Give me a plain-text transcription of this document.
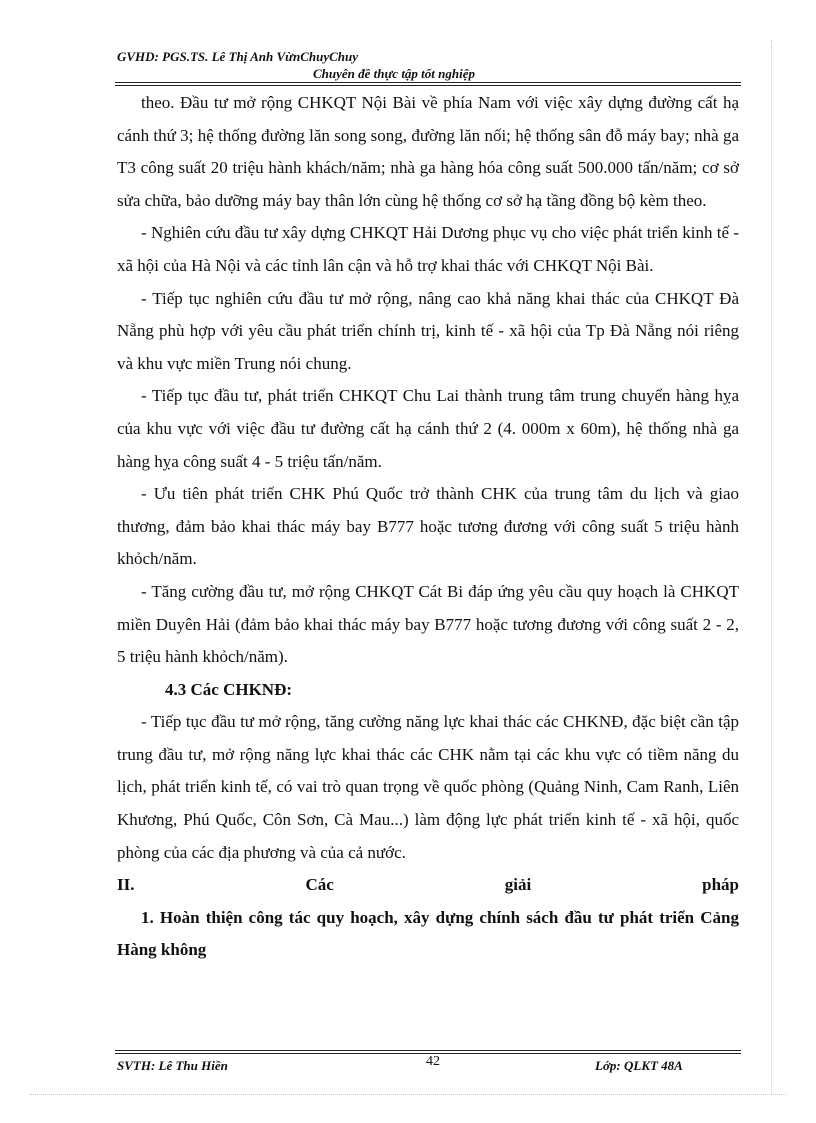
GVHD: PGS.TS. Lê Thị Anh VừnChuyChuy
Chuyên đề thực tập tốt nghiệp

theo. Đầu tư mở rộng CHKQT Nội Bài về phía Nam với việc xây dựng đường cất hạ cánh thứ 3; hệ thống đường lăn song song, đường lăn nối; hệ thống sân đỗ máy bay; nhà ga T3 công suất 20 triệu hành khách/năm; nhà ga hàng hóa công suất 500.000 tấn/năm; cơ sở sửa chữa, bảo dưỡng máy bay thân lớn cùng hệ thống cơ sở hạ tầng đồng bộ kèm theo.

- Nghiên cứu đầu tư xây dựng CHKQT Hải Dương phục vụ cho việc phát triển kinh tế - xã hội của Hà Nội và các tỉnh lân cận và hỗ trợ khai thác với CHKQT Nội Bài.

- Tiếp tục nghiên cứu đầu tư mở rộng, nâng cao khả năng khai thác của CHKQT Đà Nẵng phù hợp với yêu cầu phát triển chính trị, kinh tế - xã hội của Tp Đà Nẵng nói riêng và khu vực miền Trung nói chung.

- Tiếp tục đầu tư, phát triển CHKQT Chu Lai thành trung tâm trung chuyển hàng hỵa của khu vực với việc đầu tư đường cất hạ cánh thứ 2 (4. 000m x 60m), hệ thống nhà ga hàng hỵa công suất 4 - 5 triệu tấn/năm.

- Ưu tiên phát triển CHK Phú Quốc trở thành CHK của trung tâm du lịch và giao thương, đảm bảo khai thác máy bay B777 hoặc tương đương với công suất 5 triệu hành khỏch/năm.

- Tăng cường đầu tư, mở rộng CHKQT Cát Bi đáp ứng yêu cầu quy hoạch là CHKQT miền Duyên Hải (đảm bảo khai thác máy bay B777 hoặc tương đương với công suất 2 - 2, 5 triệu hành khỏch/năm).

4.3 Các CHKNĐ:

- Tiếp tục đầu tư mở rộng, tăng cường năng lực khai thác các CHKNĐ, đặc biệt cần tập trung đầu tư, mở rộng năng lực khai thác các CHK nằm tại các khu vực có tiềm năng du lịch, phát triển kinh tế, có vai trò quan trọng về quốc phòng (Quảng Ninh, Cam Ranh, Liên Khương, Phú Quốc, Côn Sơn, Cà Mau...) làm động lực phát triển kinh tế - xã hội, quốc phòng của các địa phương và của cả nước.

II.	Các	giải	pháp

1. Hoàn thiện công tác quy hoạch, xây dựng chính sách đầu tư phát triển Cảng Hàng không

SVTH: Lê Thu Hiền	42	Lớp: QLKT 48A
